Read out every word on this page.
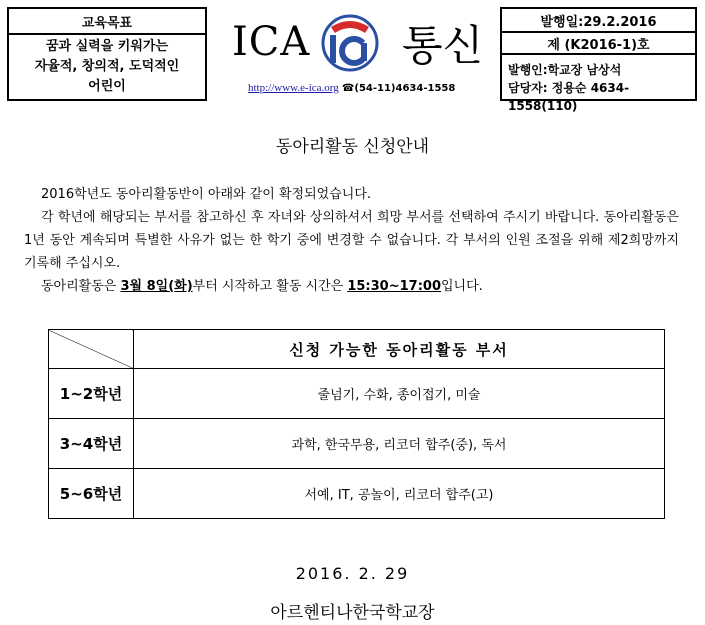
교육목표
꿈과 실력을 키워가는
자율적, 창의적, 도덕적인
어린이
ICA 통신
http://www.e-ica.org ☎(54-11)4634-1558
발행일:29.2.2016
제 (K2016-1)호
발행인:학교장 남상석
담당자: 정용순 4634-1558(110)
동아리활동 신청안내

2016학년도 동아리활동반이 아래와 같이 확정되었습니다.

각 학년에 해당되는 부서를 참고하신 후 자녀와 상의하셔서 희망 부서를 선택하여 주시기 바랍니다. 동아리활동은 1년 동안 계속되며 특별한 사유가 없는 한 학기 중에 변경할 수 없습니다. 각 부서의 인원 조절을 위해 제2희망까지 기록해 주십시오.

동아리활동은 3월 8일(화)부터 시작하고 활동 시간은 15:30~17:00입니다.

	신청 가능한 동아리활동 부서
1~2학년	줄넘기, 수화, 종이접기, 미술
3~4학년	과학, 한국무용, 리코더 합주(중), 독서
5~6학년	서예, IT, 공놀이, 리코더 합주(고)
2016. 2. 29
아르헨티나한국학교장
